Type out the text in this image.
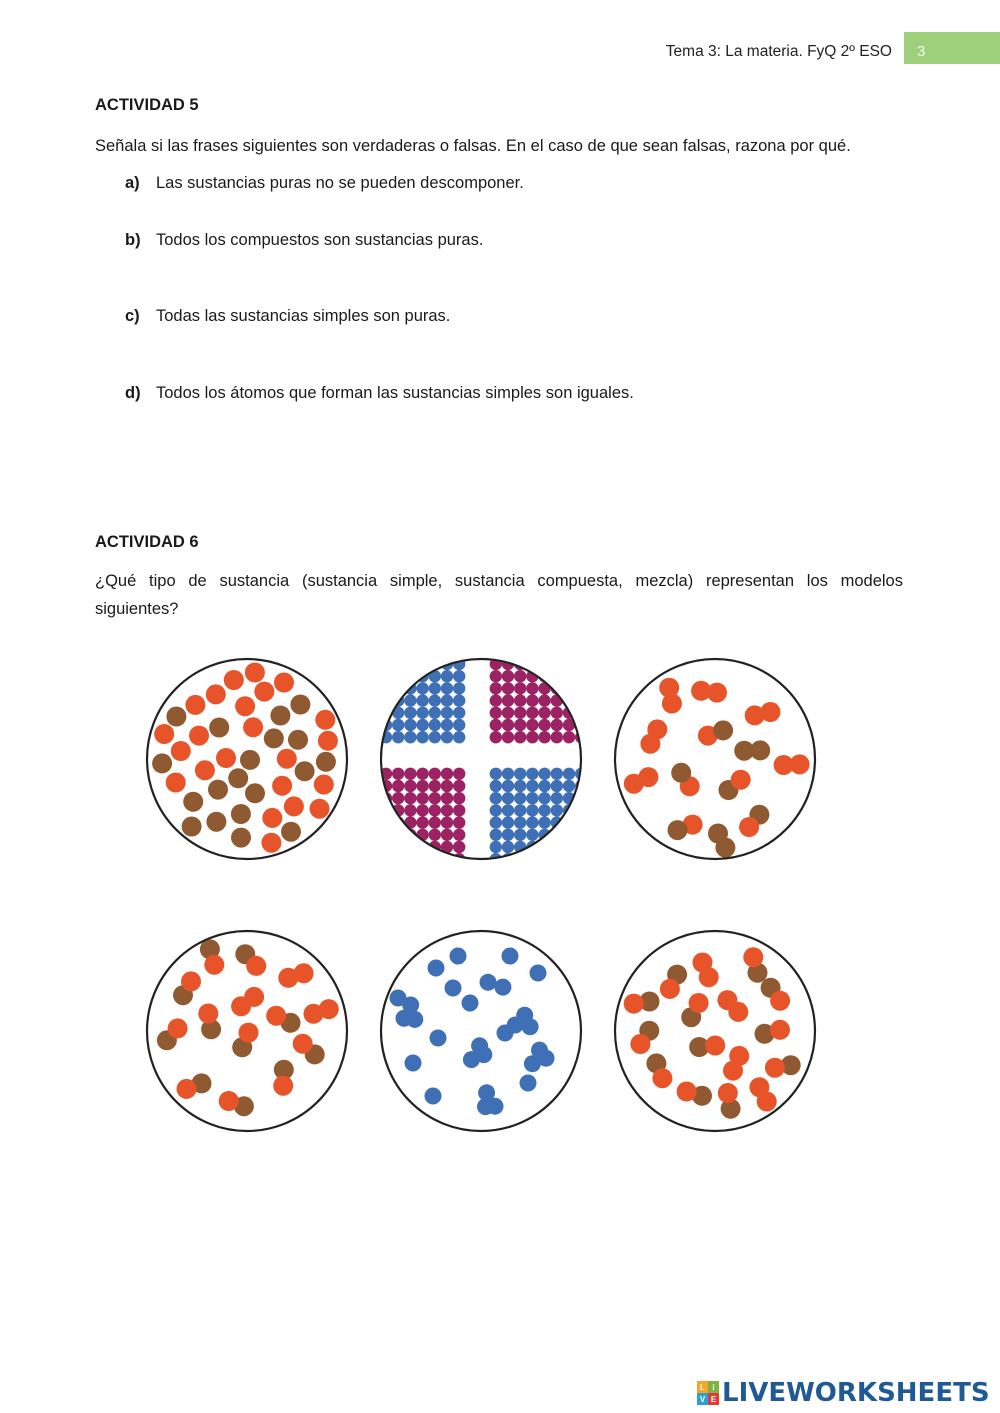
Tema 3: La materia. FyQ 2º ESO	3
ACTIVIDAD 5
Señala si las frases siguientes son verdaderas o falsas. En el caso de que sean falsas, razona por qué.
a) Las sustancias puras no se pueden descomponer.
b) Todos los compuestos son sustancias puras.
c) Todas las sustancias simples son puras.
d) Todos los átomos que forman las sustancias simples son iguales.
ACTIVIDAD 6
¿Qué tipo de sustancia (sustancia simple, sustancia compuesta, mezcla) representan los modelos
siguientes?
L i
V E LIVEWORKSHEETS
